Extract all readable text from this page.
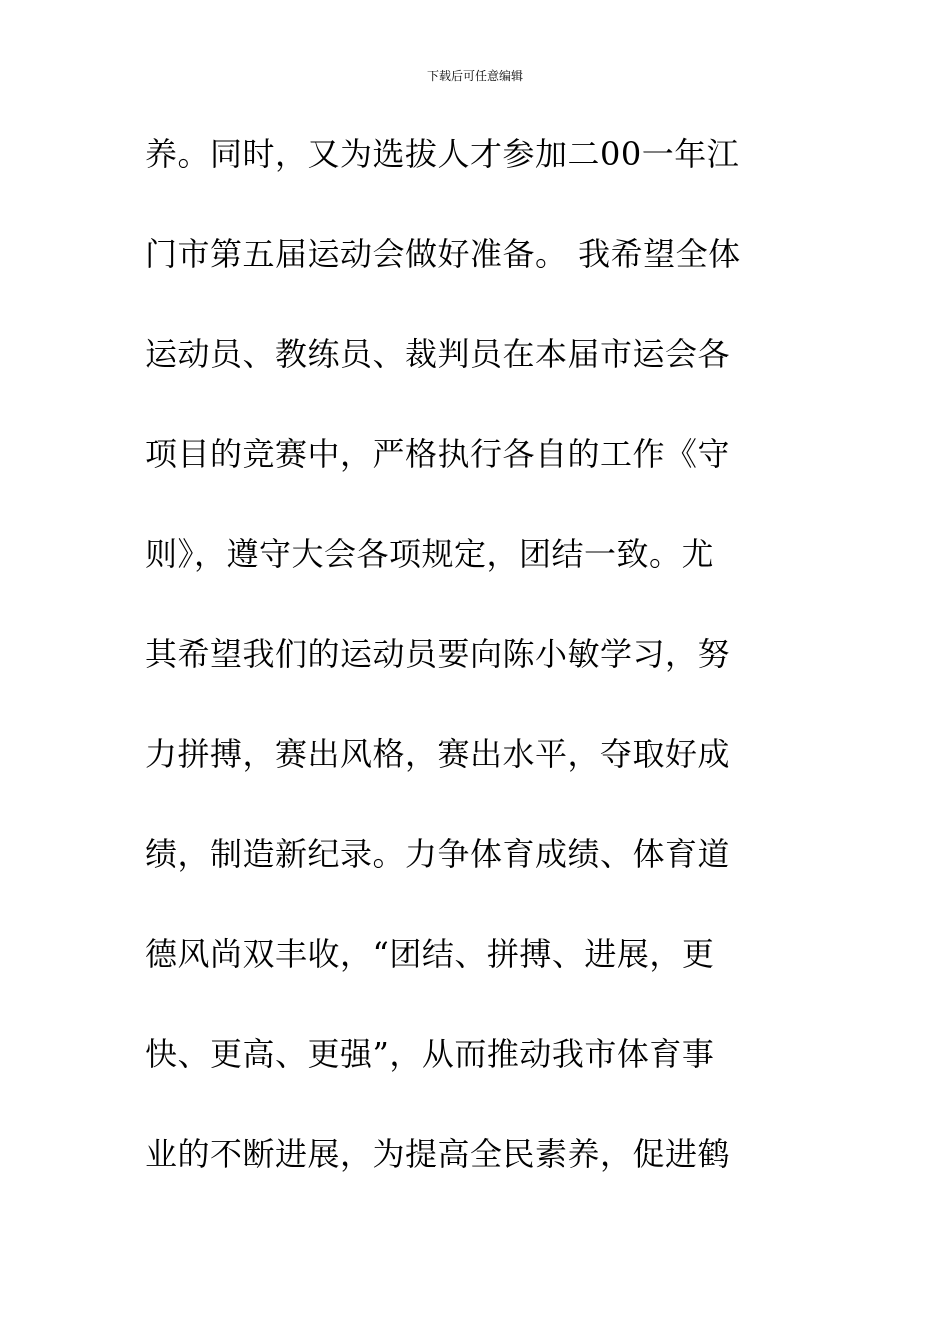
下载后可任意编辑
养。同时，又为选拔人才参加二00一年江
门市第五届运动会做好准备。 我希望全体
运动员、教练员、裁判员在本届市运会各
项目的竞赛中，严格执行各自的工作《守
则》，遵守大会各项规定，团结一致。尤
其希望我们的运动员要向陈小敏学习，努
力拼搏，赛出风格，赛出水平，夺取好成
绩，制造新纪录。力争体育成绩、体育道
德风尚双丰收，“团结、拼搏、进展，更
快、更高、更强”，从而推动我市体育事
业的不断进展，为提高全民素养，促进鹤
